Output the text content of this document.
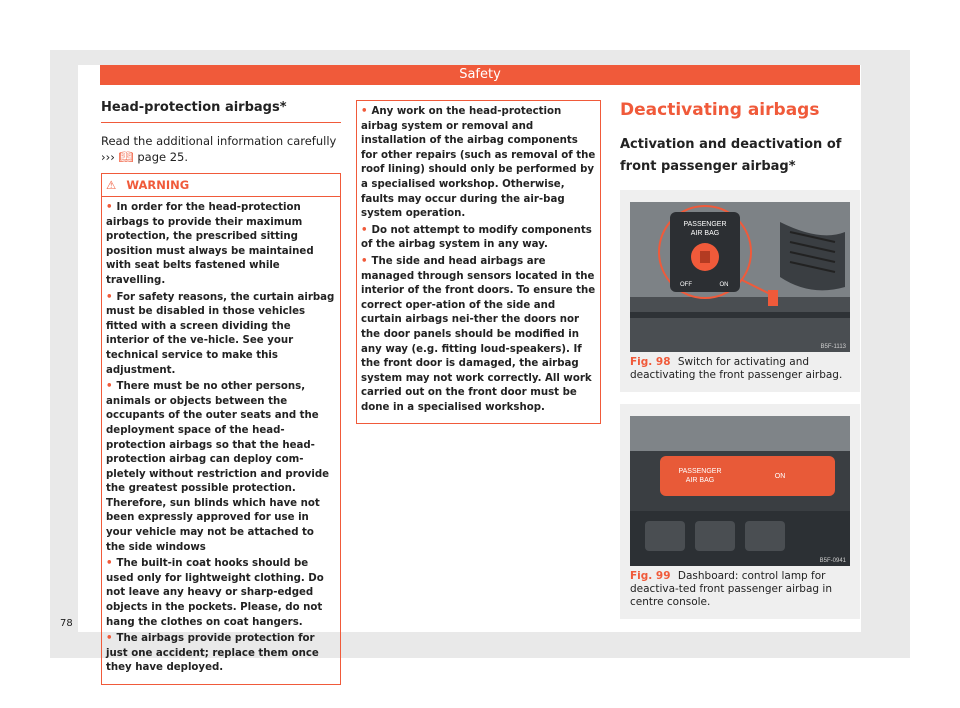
Safety
Head-protection airbags*

Read the additional information carefully ››› 📖︎ page 25.

⚠ WARNING

• In order for the head-protection airbags to provide their maximum protection, the prescribed sitting position must always be maintained with seat belts fastened while travelling.

• For safety reasons, the curtain airbag must be disabled in those vehicles fitted with a screen dividing the interior of the ve-hicle. See your technical service to make this adjustment.

• There must be no other persons, animals or objects between the occupants of the outer seats and the deployment space of the head-protection airbags so that the head-protection airbag can deploy com-pletely without restriction and provide the greatest possible protection. Therefore, sun blinds which have not been expressly approved for use in your vehicle may not be attached to the side windows

• The built-in coat hooks should be used only for lightweight clothing. Do not leave any heavy or sharp-edged objects in the pockets. Please, do not hang the clothes on coat hangers.

• The airbags provide protection for just one accident; replace them once they have deployed.

• Any work on the head-protection airbag system or removal and installation of the airbag components for other repairs (such as removal of the roof lining) should only be performed by a specialised workshop. Otherwise, faults may occur during the air-bag system operation.

• Do not attempt to modify components of the airbag system in any way.

• The side and head airbags are managed through sensors located in the interior of the front doors. To ensure the correct oper-ation of the side and curtain airbags nei-ther the doors nor the door panels should be modified in any way (e.g. fitting loud-speakers). If the front door is damaged, the airbag system may not work correctly. All work carried out on the front door must be done in a specialised workshop.

Deactivating airbags
Activation and deactivation of front passenger airbag*
PASSENGER
AIR BAG
OFF	ON
B5F-1113
Fig. 98 Switch for activating and deactivating the front passenger airbag.
PASSENGER
AIR BAG
ON
B5F-0941
Fig. 99 Dashboard: control lamp for deactiva-ted front passenger airbag in centre console.
78
